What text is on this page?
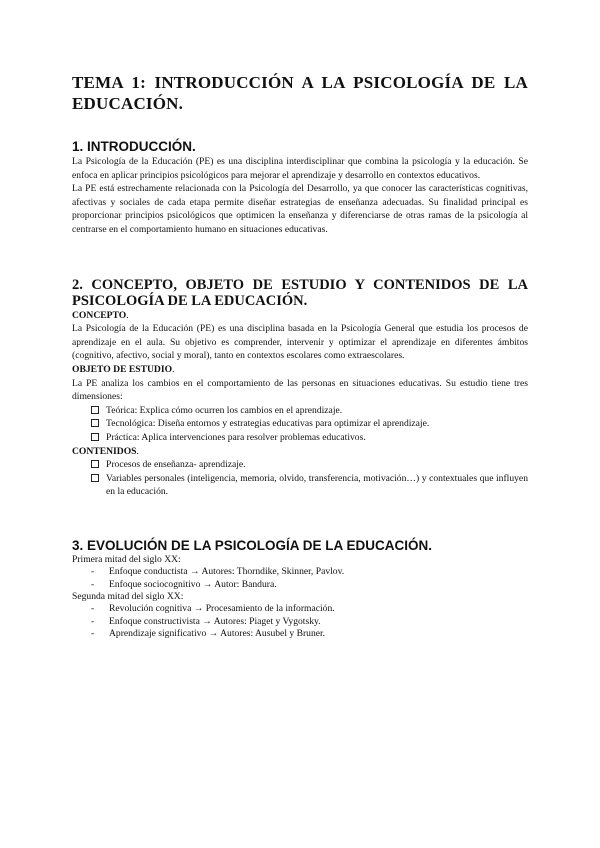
TEMA 1: INTRODUCCIÓN A LA PSICOLOGÍA DE LA EDUCACIÓN.
1. INTRODUCCIÓN.

La Psicología de la Educación (PE) es una disciplina interdisciplinar que combina la psicología y la educación. Se enfoca en aplicar principios psicológicos para mejorar el aprendizaje y desarrollo en contextos educativos.

La PE está estrechamente relacionada con la Psicología del Desarrollo, ya que conocer las características cognitivas, afectivas y sociales de cada etapa permite diseñar estrategias de enseñanza adecuadas. Su finalidad principal es proporcionar principios psicológicos que optimicen la enseñanza y diferenciarse de otras ramas de la psicología al centrarse en el comportamiento humano en situaciones educativas.

2. CONCEPTO, OBJETO DE ESTUDIO Y CONTENIDOS DE LA PSICOLOGÍA DE LA EDUCACIÓN.
CONCEPTO.

La Psicología de la Educación (PE) es una disciplina basada en la Psicología General que estudia los procesos de aprendizaje en el aula. Su objetivo es comprender, intervenir y optimizar el aprendizaje en diferentes ámbitos (cognitivo, afectivo, social y moral), tanto en contextos escolares como extraescolares.

OBJETO DE ESTUDIO.

La PE analiza los cambios en el comportamiento de las personas en situaciones educativas. Su estudio tiene tres dimensiones:

Teórica: Explica cómo ocurren los cambios en el aprendizaje.
Tecnológica: Diseña entornos y estrategias educativas para optimizar el aprendizaje.
Práctica: Aplica intervenciones para resolver problemas educativos.
CONTENIDOS.
Procesos de enseñanza- aprendizaje.
Variables personales (inteligencia, memoria, olvido, transferencia, motivación…) y contextuales que influyen en la educación.
3. EVOLUCIÓN DE LA PSICOLOGÍA DE LA EDUCACIÓN.

Primera mitad del siglo XX:

- Enfoque conductista → Autores: Thorndike, Skinner, Pavlov.
- Enfoque sociocognitivo → Autor: Bandura.

Segunda mitad del siglo XX:

- Revolución cognitiva → Procesamiento de la información.
- Enfoque constructivista → Autores: Piaget y Vygotsky.
- Aprendizaje significativo → Autores: Ausubel y Bruner.
